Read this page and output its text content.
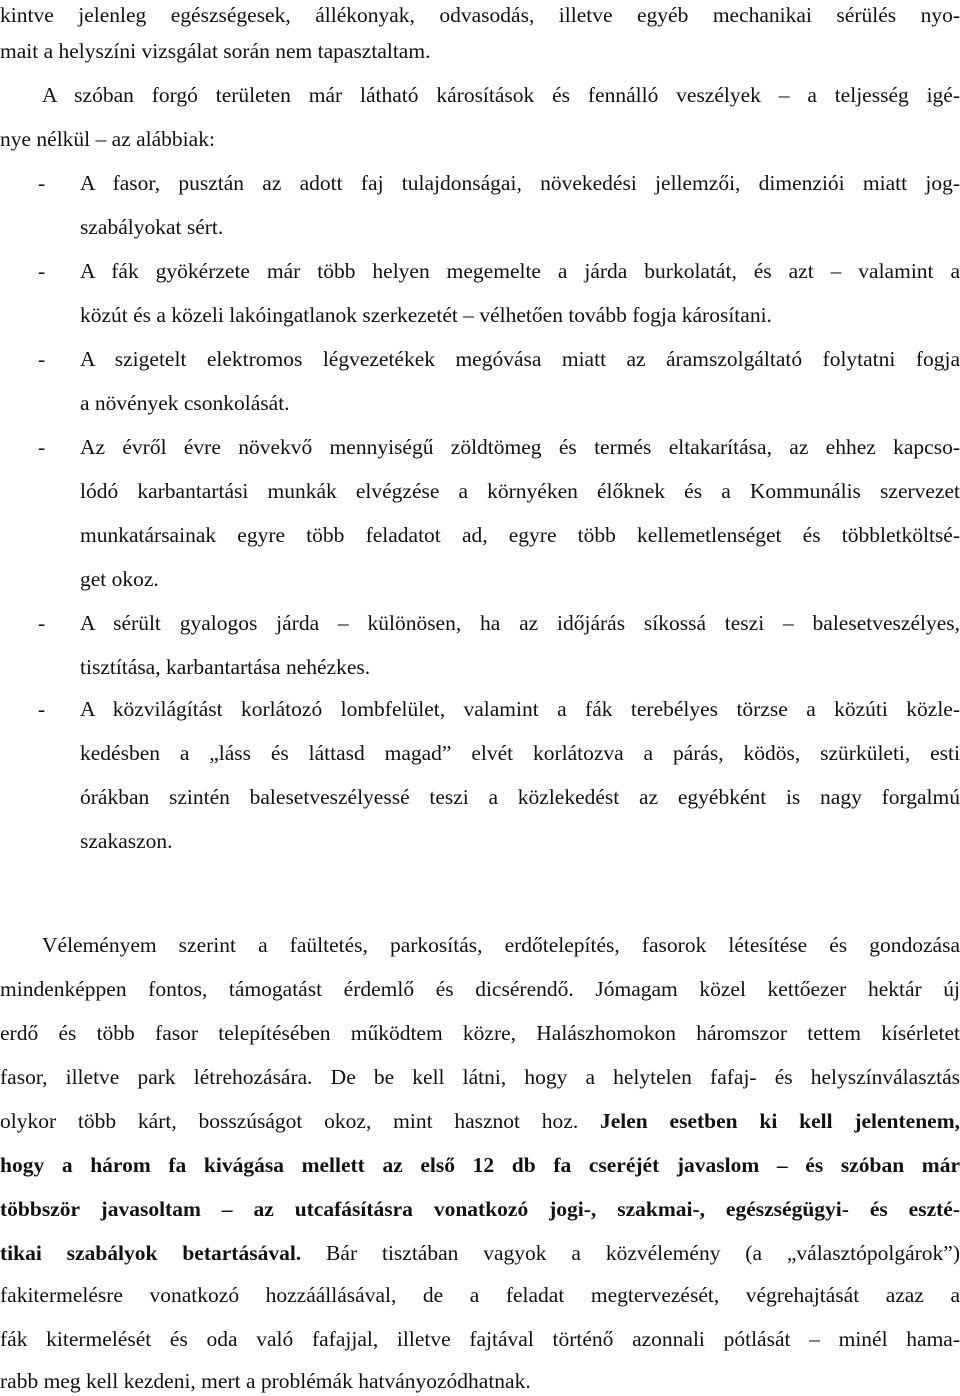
kintve jelenleg egészségesek, állékonyak, odvasodás, illetve egyéb mechanikai sérülés nyo-
mait a helyszíni vizsgálat során nem tapasztaltam.
A szóban forgó területen már látható károsítások és fennálló veszélyek – a teljesség igé-
nye nélkül – az alábbiak:
-	A fasor, pusztán az adott faj tulajdonságai, növekedési jellemzői, dimenziói miatt jog-
szabályokat sért.
-	A fák gyökérzete már több helyen megemelte a járda burkolatát, és azt – valamint a
közút és a közeli lakóingatlanok szerkezetét – vélhetően tovább fogja károsítani.
-	A szigetelt elektromos légvezetékek megóvása miatt az áramszolgáltató folytatni fogja
a növények csonkolását.
-	Az évről évre növekvő mennyiségű zöldtömeg és termés eltakarítása, az ehhez kapcso-
lódó karbantartási munkák elvégzése a környéken élőknek és a Kommunális szervezet
munkatársainak egyre több feladatot ad, egyre több kellemetlenséget és többletköltsé-
get okoz.
-	A sérült gyalogos járda – különösen, ha az időjárás síkossá teszi – balesetveszélyes,
tisztítása, karbantartása nehézkes.
-	A közvilágítást korlátozó lombfelület, valamint a fák terebélyes törzse a közúti közle-
kedésben a „láss és láttasd magad” elvét korlátozva a párás, ködös, szürkületi, esti
órákban szintén balesetveszélyessé teszi a közlekedést az egyébként is nagy forgalmú
szakaszon.
Véleményem szerint a faültetés, parkosítás, erdőtelepítés, fasorok létesítése és gondozása
mindenképpen fontos, támogatást érdemlő és dicsérendő. Jómagam közel kettőezer hektár új
erdő és több fasor telepítésében működtem közre, Halászhomokon háromszor tettem kísérletet
fasor, illetve park létrehozására. De be kell látni, hogy a helytelen fafaj- és helyszínválasztás
olykor több kárt, bosszúságot okoz, mint hasznot hoz. Jelen esetben ki kell jelentenem,
hogy a három fa kivágása mellett az első 12 db fa cseréjét javaslom – és szóban már
többször javasoltam – az utcafásításra vonatkozó jogi-, szakmai-, egészségügyi- és eszté-
tikai szabályok betartásával. Bár tisztában vagyok a közvélemény (a „választópolgárok”)
fakitermelésre vonatkozó hozzáállásával, de a feladat megtervezését, végrehajtását azaz a
fák kitermelését és oda való fafajjal, illetve fajtával történő azonnali pótlását – minél hama-
rabb meg kell kezdeni, mert a problémák hatványozódhatnak.
